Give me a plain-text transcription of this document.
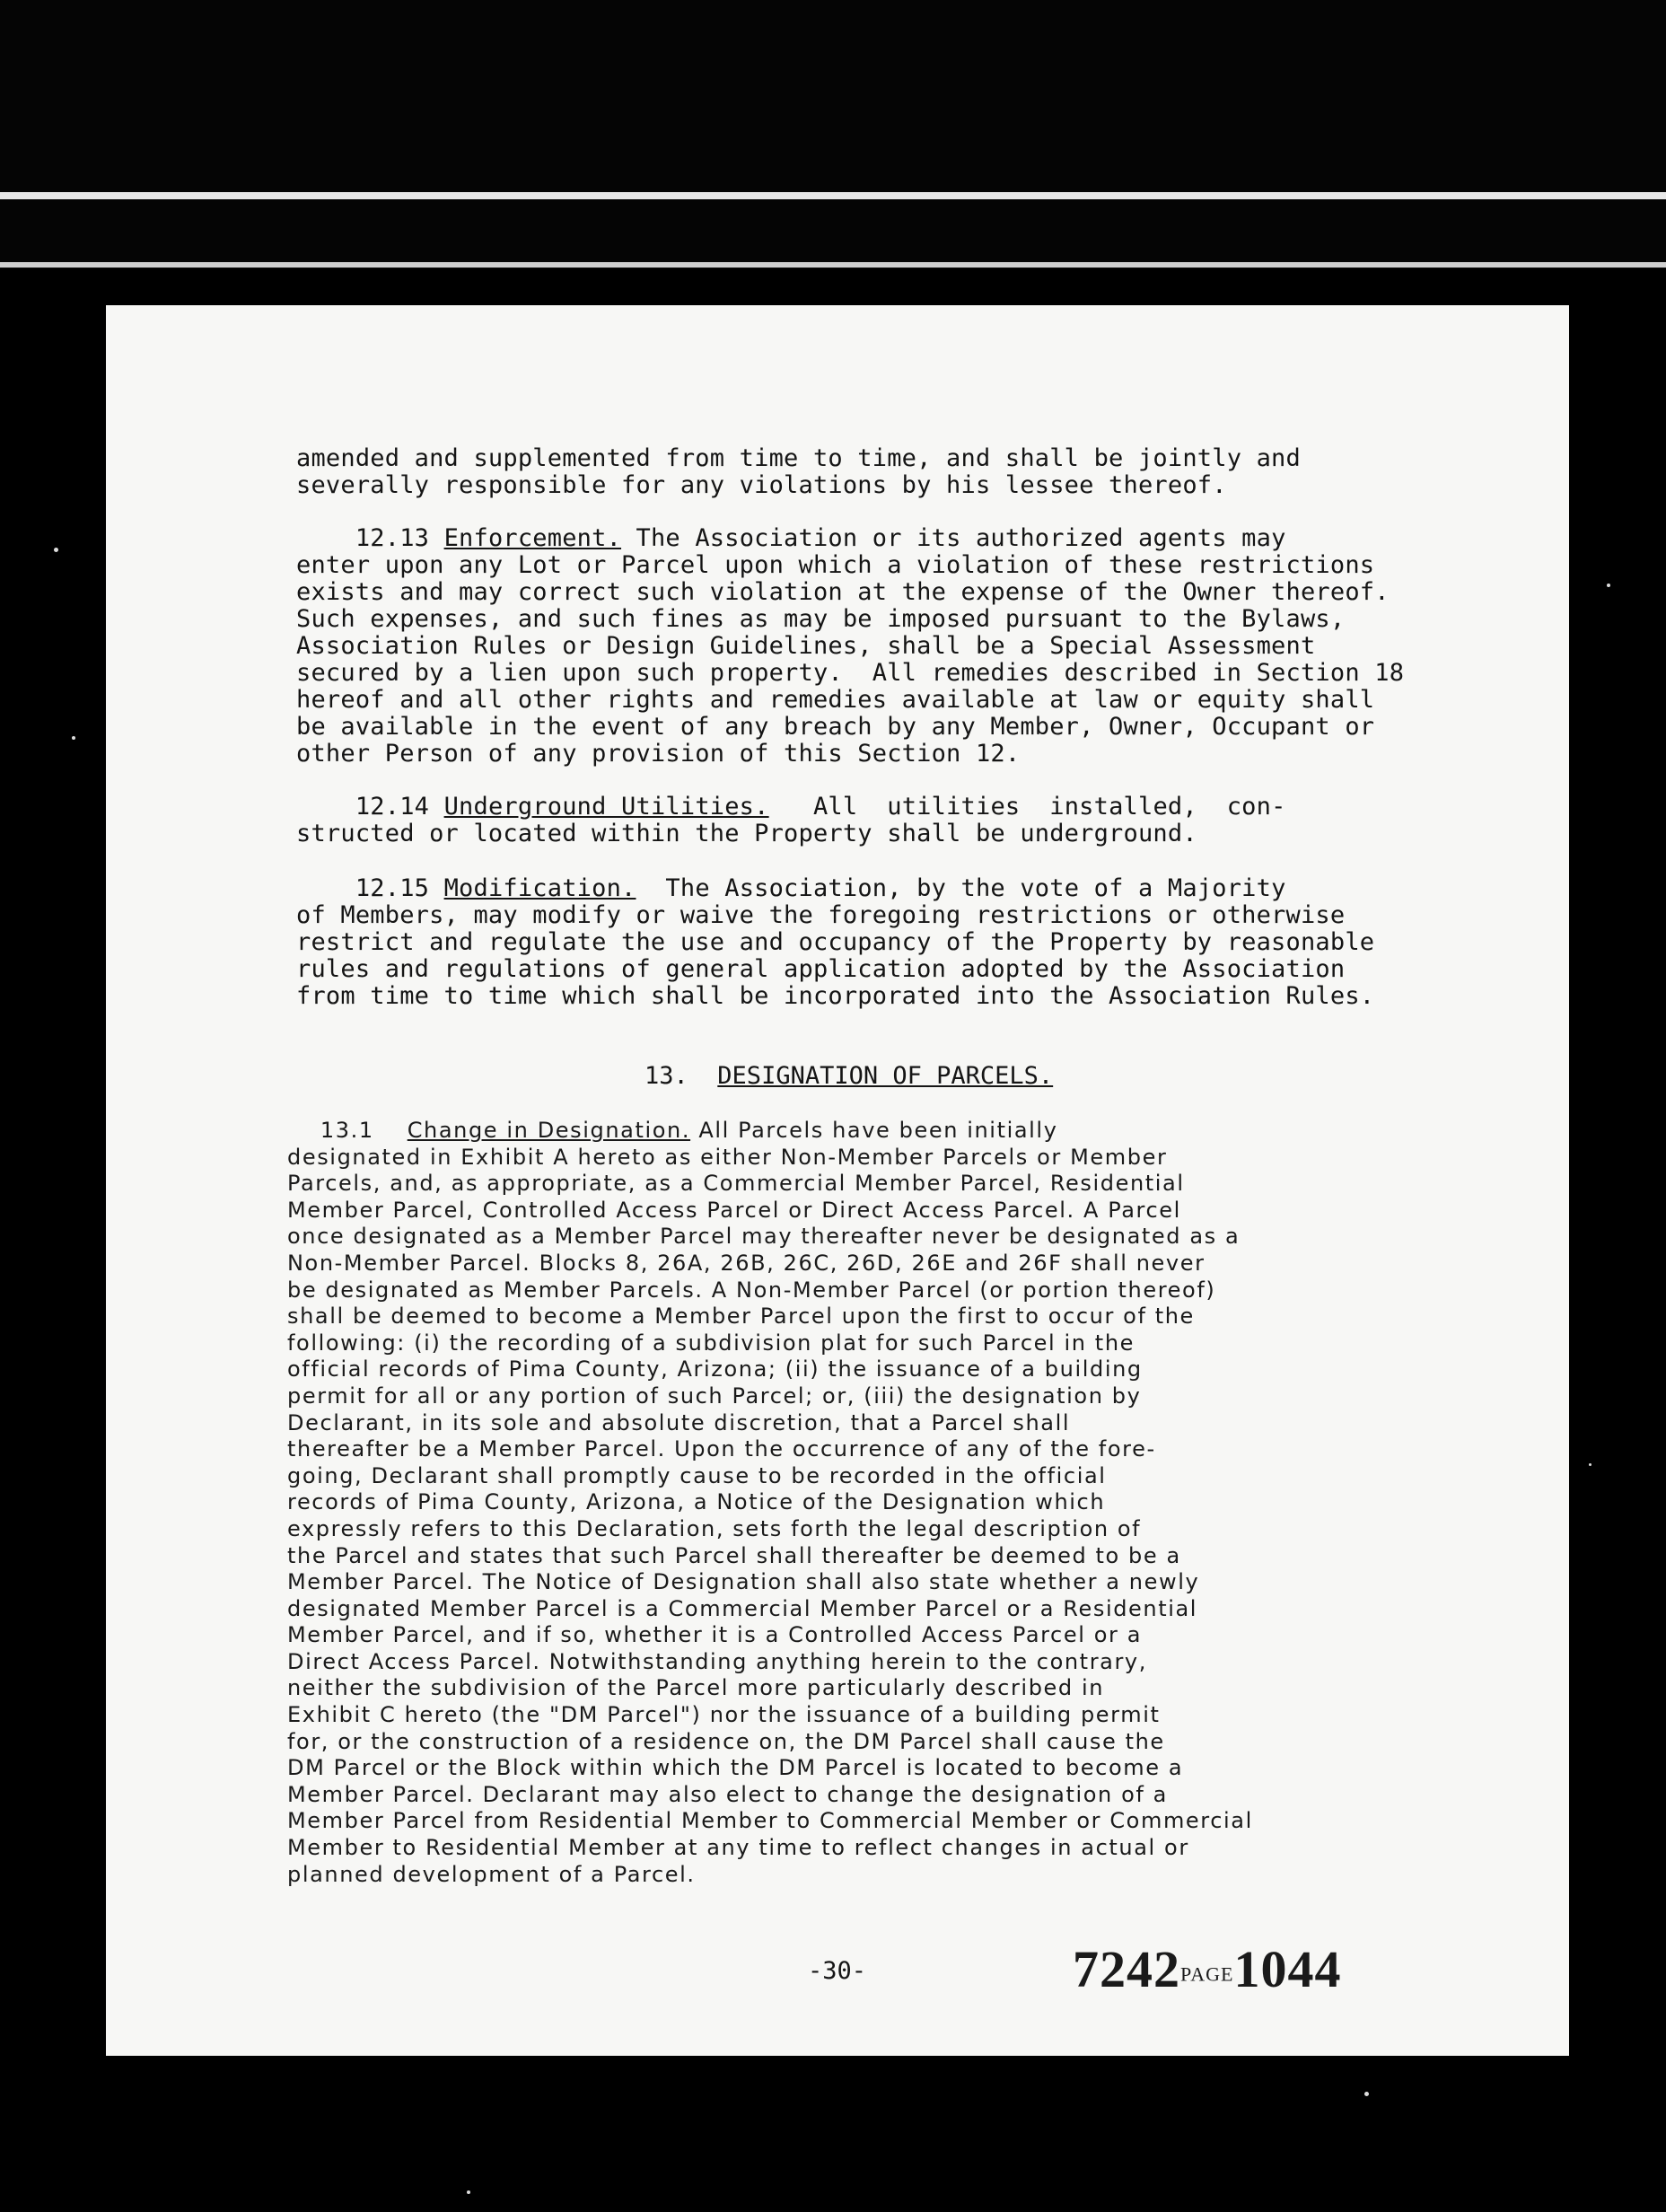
amended and supplemented from time to time, and shall be jointly and
severally responsible for any violations by his lessee thereof.
12.13 Enforcement. The Association or its authorized agents may
enter upon any Lot or Parcel upon which a violation of these restrictions
exists and may correct such violation at the expense of the Owner thereof.
Such expenses, and such fines as may be imposed pursuant to the Bylaws,
Association Rules or Design Guidelines, shall be a Special Assessment
secured by a lien upon such property.  All remedies described in Section 18
hereof and all other rights and remedies available at law or equity shall
be available in the event of any breach by any Member, Owner, Occupant or
other Person of any provision of this Section 12.
12.14 Underground Utilities.   All  utilities  installed,  con-
structed or located within the Property shall be underground.
12.15 Modification.  The Association, by the vote of a Majority
of Members, may modify or waive the foregoing restrictions or otherwise
restrict and regulate the use and occupancy of the Property by reasonable
rules and regulations of general application adopted by the Association
from time to time which shall be incorporated into the Association Rules.
13. DESIGNATION OF PARCELS.
13.1 Change in Designation. All Parcels have been initially
designated in Exhibit A hereto as either Non-Member Parcels or Member
Parcels, and, as appropriate, as a Commercial Member Parcel, Residential
Member Parcel, Controlled Access Parcel or Direct Access Parcel. A Parcel
once designated as a Member Parcel may thereafter never be designated as a
Non-Member Parcel. Blocks 8, 26A, 26B, 26C, 26D, 26E and 26F shall never
be designated as Member Parcels. A Non-Member Parcel (or portion thereof)
shall be deemed to become a Member Parcel upon the first to occur of the
following: (i) the recording of a subdivision plat for such Parcel in the
official records of Pima County, Arizona; (ii) the issuance of a building
permit for all or any portion of such Parcel; or, (iii) the designation by
Declarant, in its sole and absolute discretion, that a Parcel shall
thereafter be a Member Parcel. Upon the occurrence of any of the fore-
going, Declarant shall promptly cause to be recorded in the official
records of Pima County, Arizona, a Notice of the Designation which
expressly refers to this Declaration, sets forth the legal description of
the Parcel and states that such Parcel shall thereafter be deemed to be a
Member Parcel. The Notice of Designation shall also state whether a newly
designated Member Parcel is a Commercial Member Parcel or a Residential
Member Parcel, and if so, whether it is a Controlled Access Parcel or a
Direct Access Parcel. Notwithstanding anything herein to the contrary,
neither the subdivision of the Parcel more particularly described in
Exhibit C hereto (the "DM Parcel") nor the issuance of a building permit
for, or the construction of a residence on, the DM Parcel shall cause the
DM Parcel or the Block within which the DM Parcel is located to become a
Member Parcel. Declarant may also elect to change the designation of a
Member Parcel from Residential Member to Commercial Member or Commercial
Member to Residential Member at any time to reflect changes in actual or
planned development of a Parcel.
-30-	7242PAGE1044
